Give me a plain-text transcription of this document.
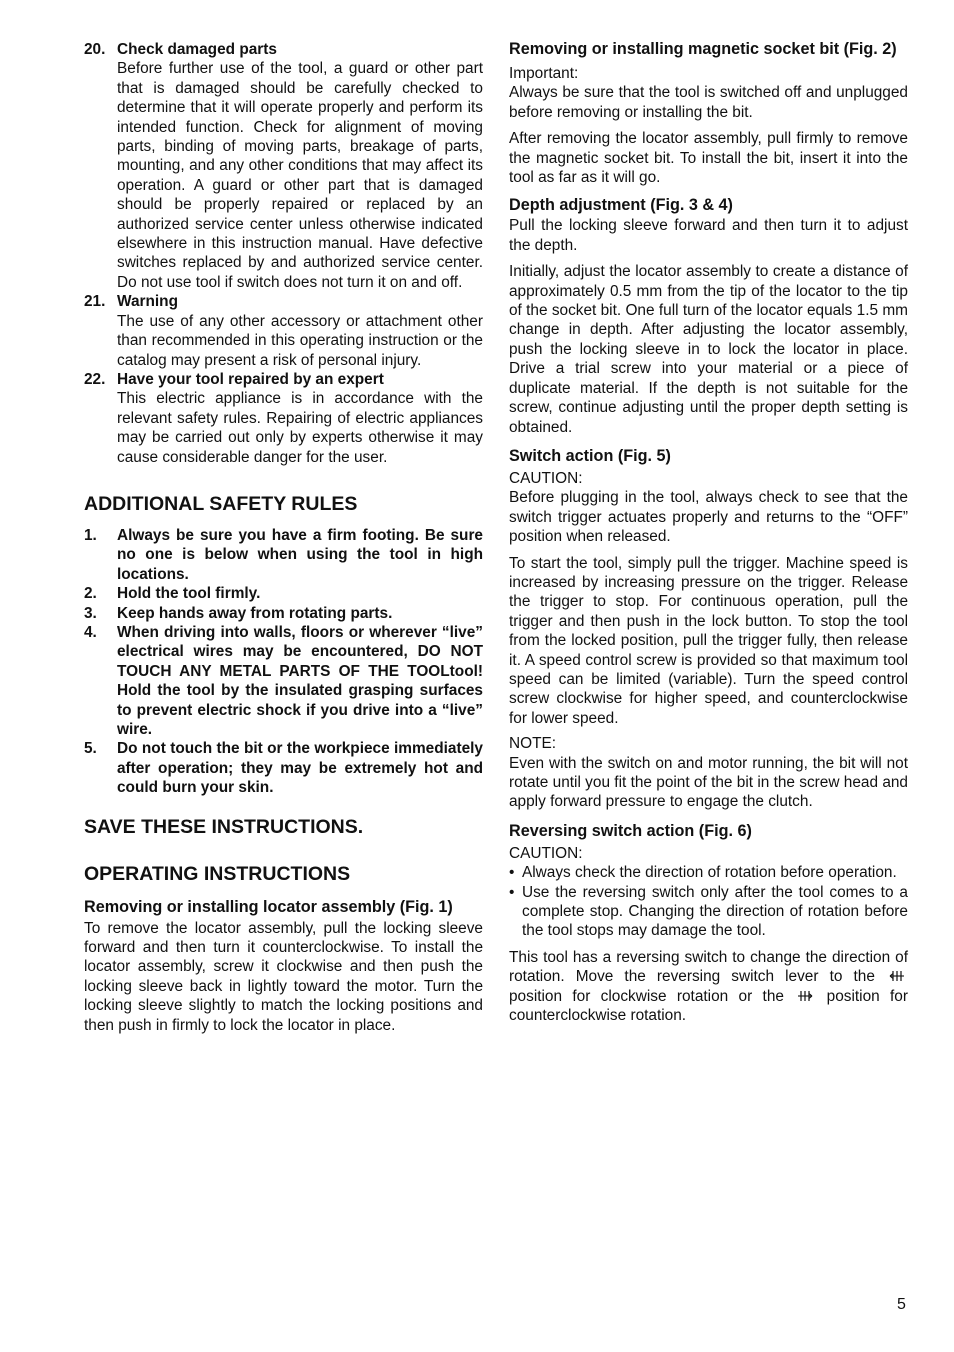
20. Check damaged parts
Before further use of the tool, a guard or other part that is damaged should be carefully checked to determine that it will operate properly and perform its intended function. Check for alignment of moving parts, binding of moving parts, breakage of parts, mounting, and any other conditions that may affect its operation. A guard or other part that is damaged should be properly repaired or replaced by an authorized service center unless otherwise indicated elsewhere in this instruction manual. Have defective switches replaced by and authorized service center. Do not use tool if switch does not turn it on and off.
21. Warning
The use of any other accessory or attachment other than recommended in this operating instruction or the catalog may present a risk of personal injury.
22. Have your tool repaired by an expert
This electric appliance is in accordance with the relevant safety rules. Repairing of electric appliances may be carried out only by experts otherwise it may cause considerable danger for the user.
ADDITIONAL SAFETY RULES
1. Always be sure you have a firm footing. Be sure no one is below when using the tool in high locations.
2. Hold the tool firmly.
3. Keep hands away from rotating parts.
4. When driving into walls, floors or wherever “live” electrical wires may be encountered, DO NOT TOUCH ANY METAL PARTS OF THE TOOLtool! Hold the tool by the insulated grasping surfaces to prevent electric shock if you drive into a “live” wire.
5. Do not touch the bit or the workpiece immediately after operation; they may be extremely hot and could burn your skin.
SAVE THESE INSTRUCTIONS.
OPERATING INSTRUCTIONS
Removing or installing locator assembly (Fig. 1)

To remove the locator assembly, pull the locking sleeve forward and then turn it counterclockwise. To install the locator assembly, screw it clockwise and then push the locking sleeve back in lightly toward the motor. Turn the locking sleeve slightly to match the locking positions and then push in firmly to lock the locator in place.

Removing or installing magnetic socket bit (Fig. 2)

Important:

Always be sure that the tool is switched off and unplugged before removing or installing the bit.

After removing the locator assembly, pull firmly to remove the magnetic socket bit. To install the bit, insert it into the tool as far as it will go.

Depth adjustment (Fig. 3 & 4)

Pull the locking sleeve forward and then turn it to adjust the depth.

Initially, adjust the locator assembly to create a distance of approximately 0.5 mm from the tip of the locator to the tip of the socket bit. One full turn of the locator equals 1.5 mm change in depth. After adjusting the locator assembly, push the locking sleeve in to lock the locator in place. Drive a trial screw into your material or a piece of duplicate material. If the depth is not suitable for the screw, continue adjusting until the proper depth setting is obtained.

Switch action (Fig. 5)

CAUTION:

Before plugging in the tool, always check to see that the switch trigger actuates properly and returns to the “OFF” position when released.

To start the tool, simply pull the trigger. Machine speed is increased by increasing pressure on the trigger. Release the trigger to stop. For continuous operation, pull the trigger and then push in the lock button. To stop the tool from the locked position, pull the trigger fully, then release it. A speed control screw is provided so that maximum tool speed can be limited (variable). Turn the speed control screw clockwise for higher speed, and counterclockwise for lower speed.

NOTE:

Even with the switch on and motor running, the bit will not rotate until you fit the point of the bit in the screw head and apply forward pressure to engage the clutch.

Reversing switch action (Fig. 6)

CAUTION:

• Always check the direction of rotation before operation.
• Use the reversing switch only after the tool comes to a complete stop. Changing the direction of rotation before the tool stops may damage the tool.

This tool has a reversing switch to change the direction of rotation. Move the reversing switch lever to the  position for clockwise rotation or the	position for counterclockwise rotation.

5
